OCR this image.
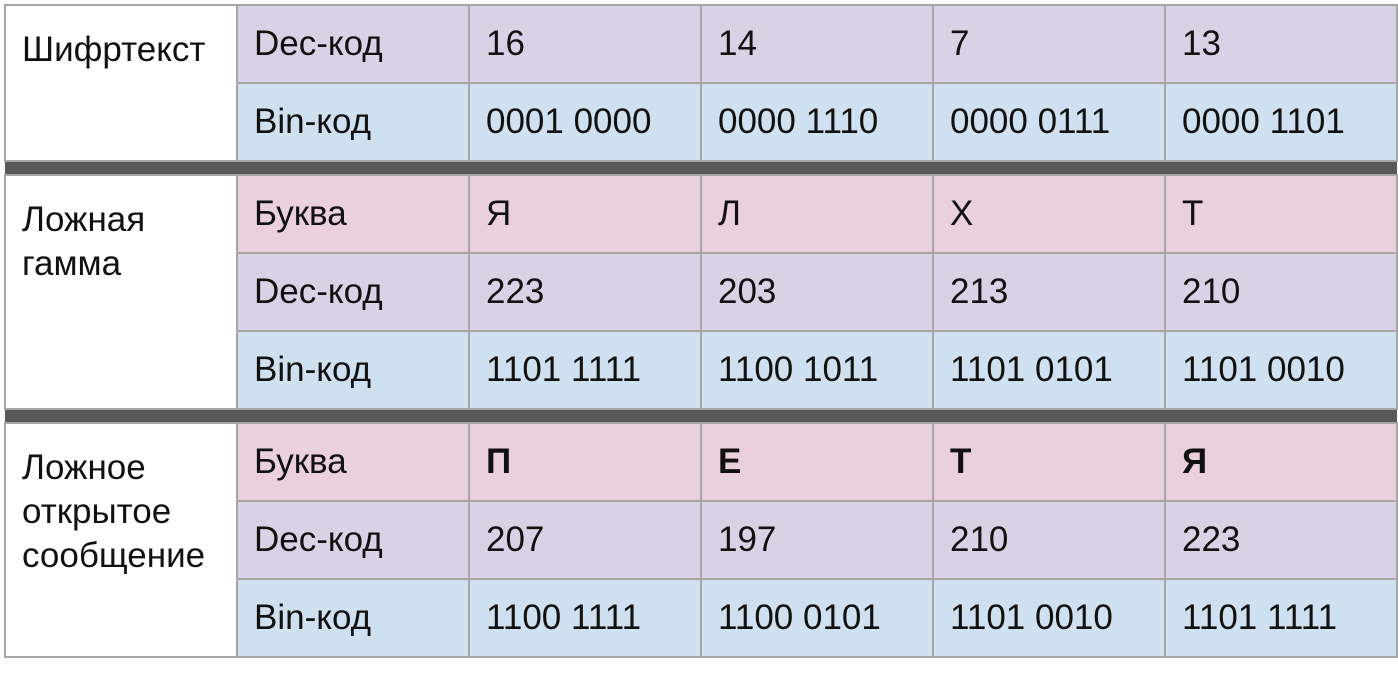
Шифртекст	Dec-код	16	14	7	13
	Bin-код	0001 0000	0000 1110	0000 0111	0000 1101

Ложная гамма	Буква	Я	Л	Х	Т
	Dec-код	223	203	213	210
	Bin-код	1101 1111	1100 1011	1101 0101	1101 0010

Ложное открытое сообщение	Буква	П	Е	Т	Я
	Dec-код	207	197	210	223
	Bin-код	1100 1111	1100 0101	1101 0010	1101 1111
